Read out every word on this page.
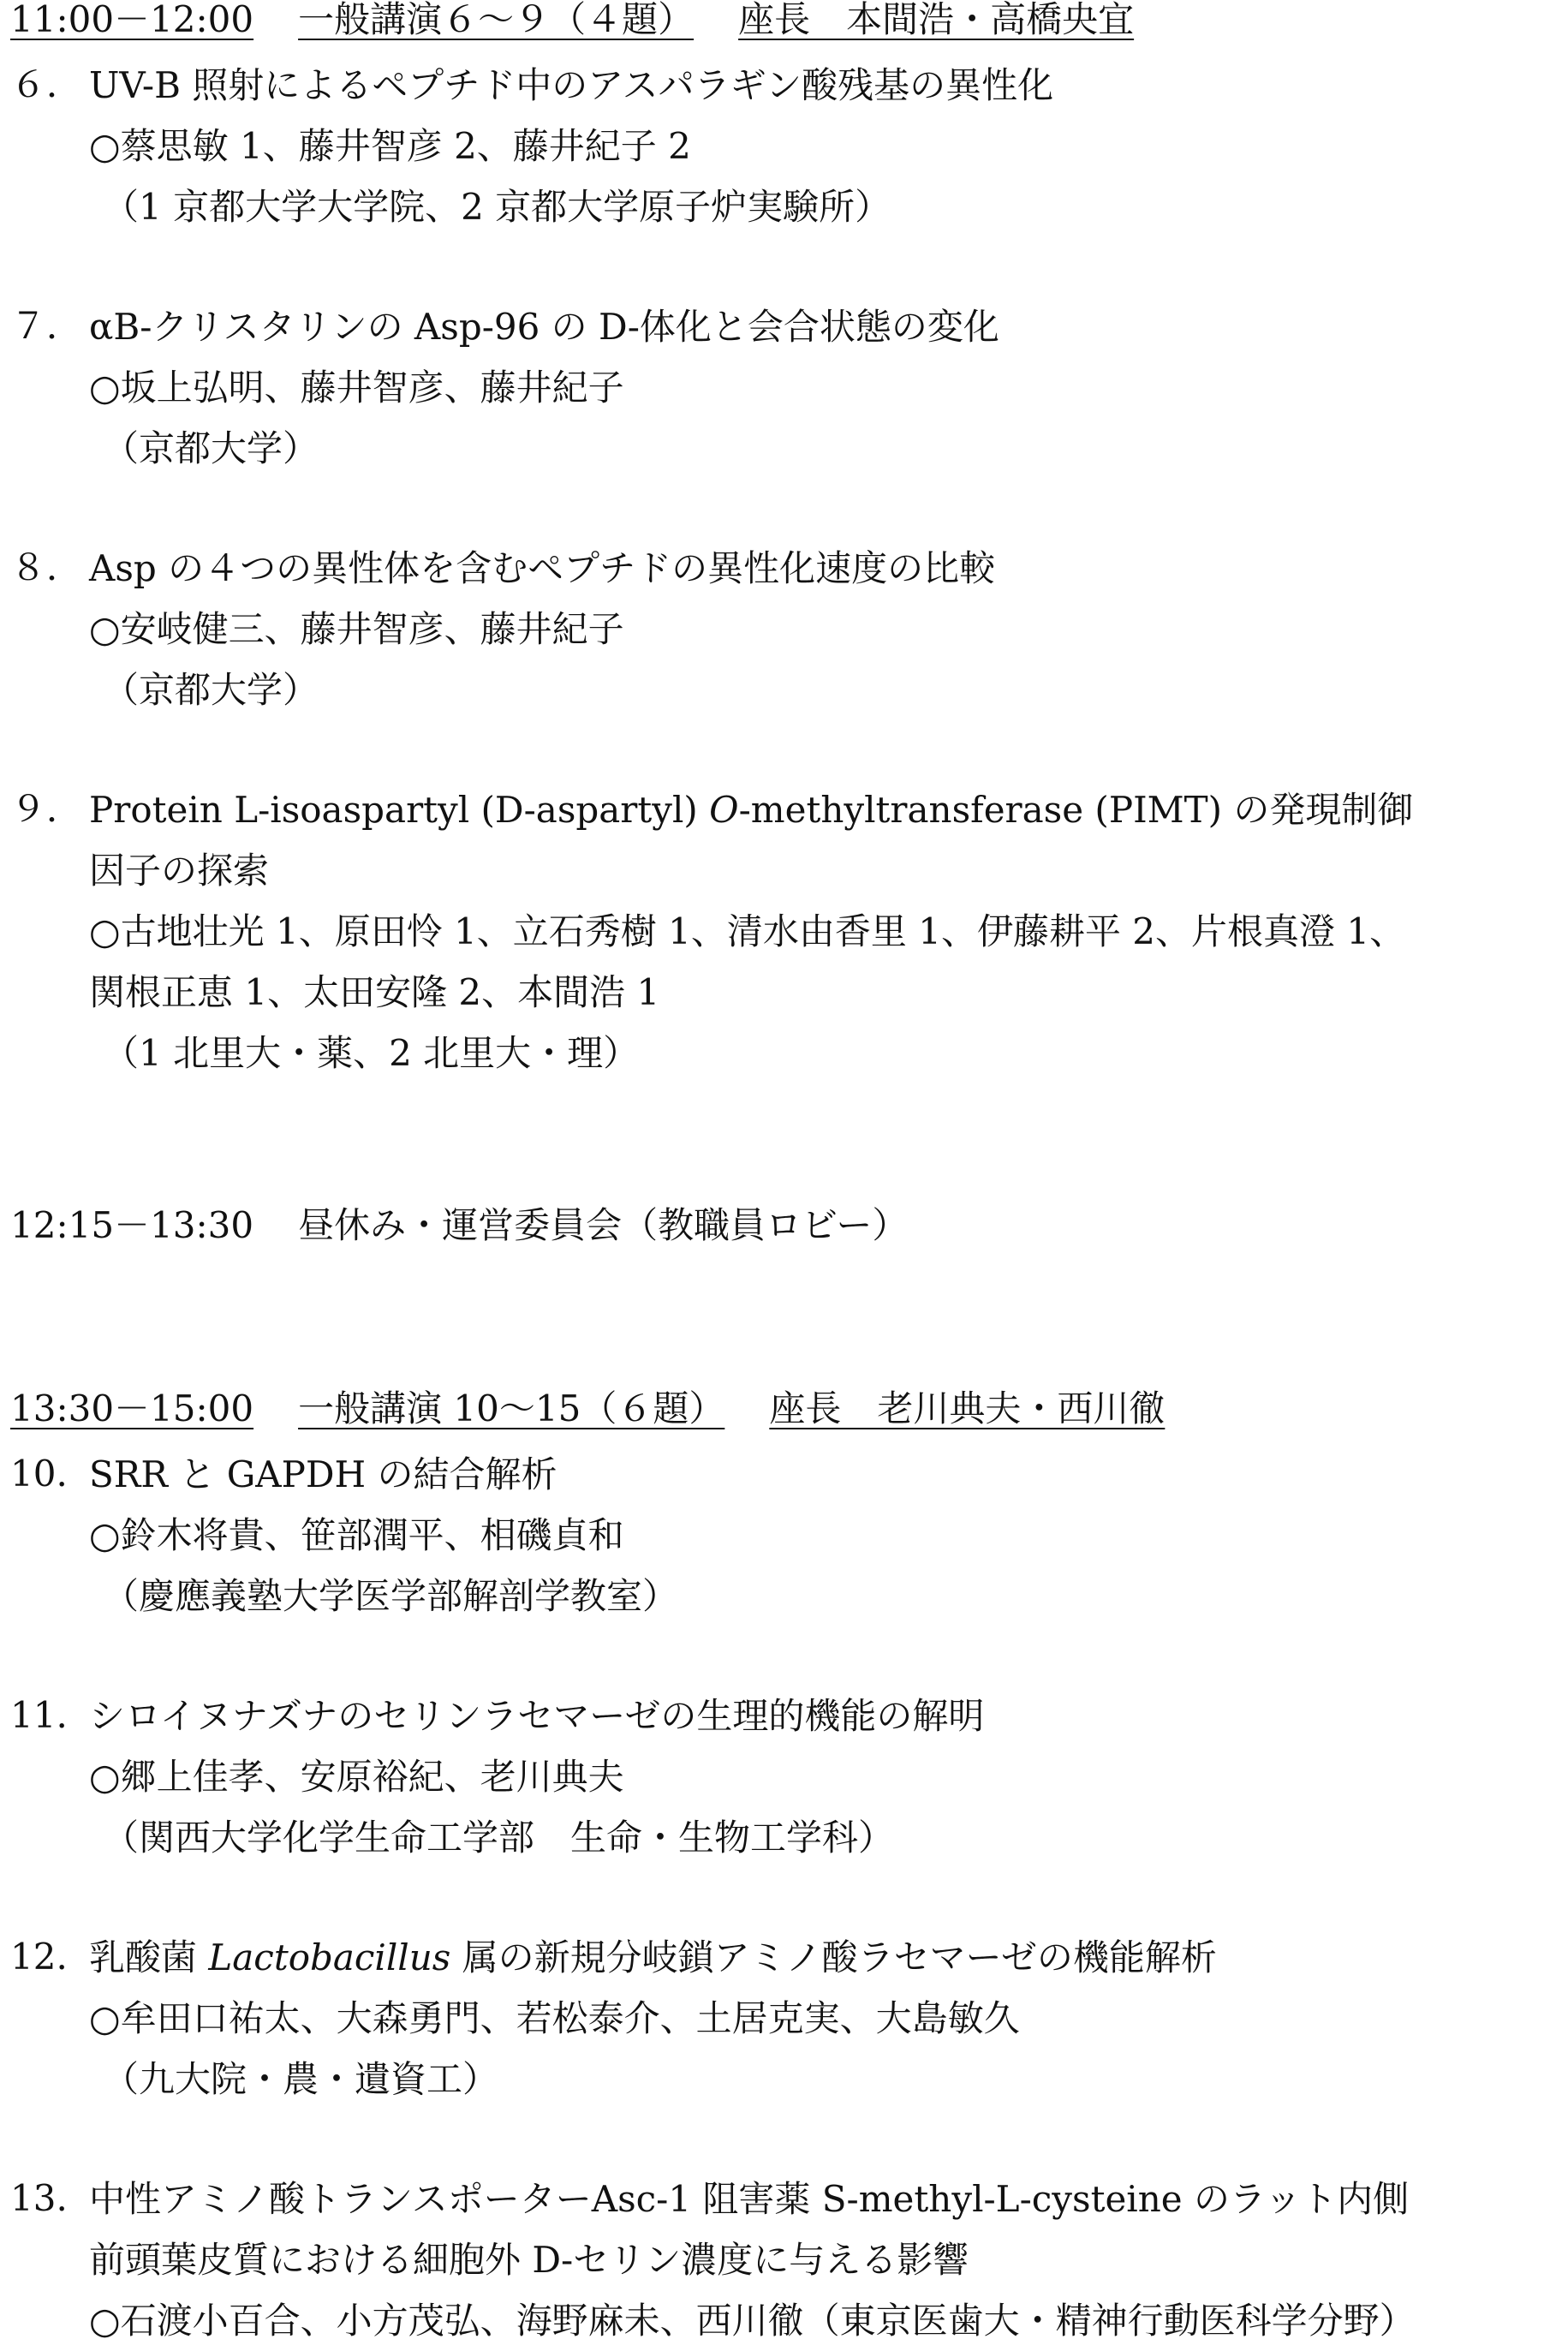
11:00－12:00 一般講演６～９（４題） 座長　本間浩・高橋央宜
６． UV-B 照射によるペプチド中のアスパラギン酸残基の異性化
○蔡思敏 1、藤井智彦 2、藤井紀子 2
（1 京都大学大学院、2 京都大学原子炉実験所）
７． αB‑クリスタリンの Asp‑96 の D‑体化と会合状態の変化
○坂上弘明、藤井智彦、藤井紀子
（京都大学）
８． Asp の４つの異性体を含むペプチドの異性化速度の比較
○安岐健三、藤井智彦、藤井紀子
（京都大学）
９． Protein L‑isoaspartyl (D‑aspartyl) O‑methyltransferase (PIMT) の発現制御
因子の探索
○古地壮光 1、原田怜 1、立石秀樹 1、清水由香里 1、伊藤耕平 2、片根真澄 1、
関根正恵 1、太田安隆 2、本間浩 1
（1 北里大・薬、2 北里大・理）
12:15－13:30 昼休み・運営委員会（教職員ロビー）
13:30－15:00 一般講演 10～15（６題） 座長　老川典夫・西川徹
10. SRR と GAPDH の結合解析
○鈴木将貴、笹部潤平、相磯貞和
（慶應義塾大学医学部解剖学教室）
11. シロイヌナズナのセリンラセマーゼの生理的機能の解明
○郷上佳孝、安原裕紀、老川典夫
（関西大学化学生命工学部　生命・生物工学科）
12. 乳酸菌 Lactobacillus 属の新規分岐鎖アミノ酸ラセマーゼの機能解析
○牟田口祐太、大森勇門、若松泰介、土居克実、大島敏久
（九大院・農・遺資工）
13. 中性アミノ酸トランスポーターAsc‑1 阻害薬 S‑methyl‑L‑cysteine のラット内側
前頭葉皮質における細胞外 D‑セリン濃度に与える影響
○石渡小百合、小方茂弘、海野麻未、西川徹（東京医歯大・精神行動医科学分野）
